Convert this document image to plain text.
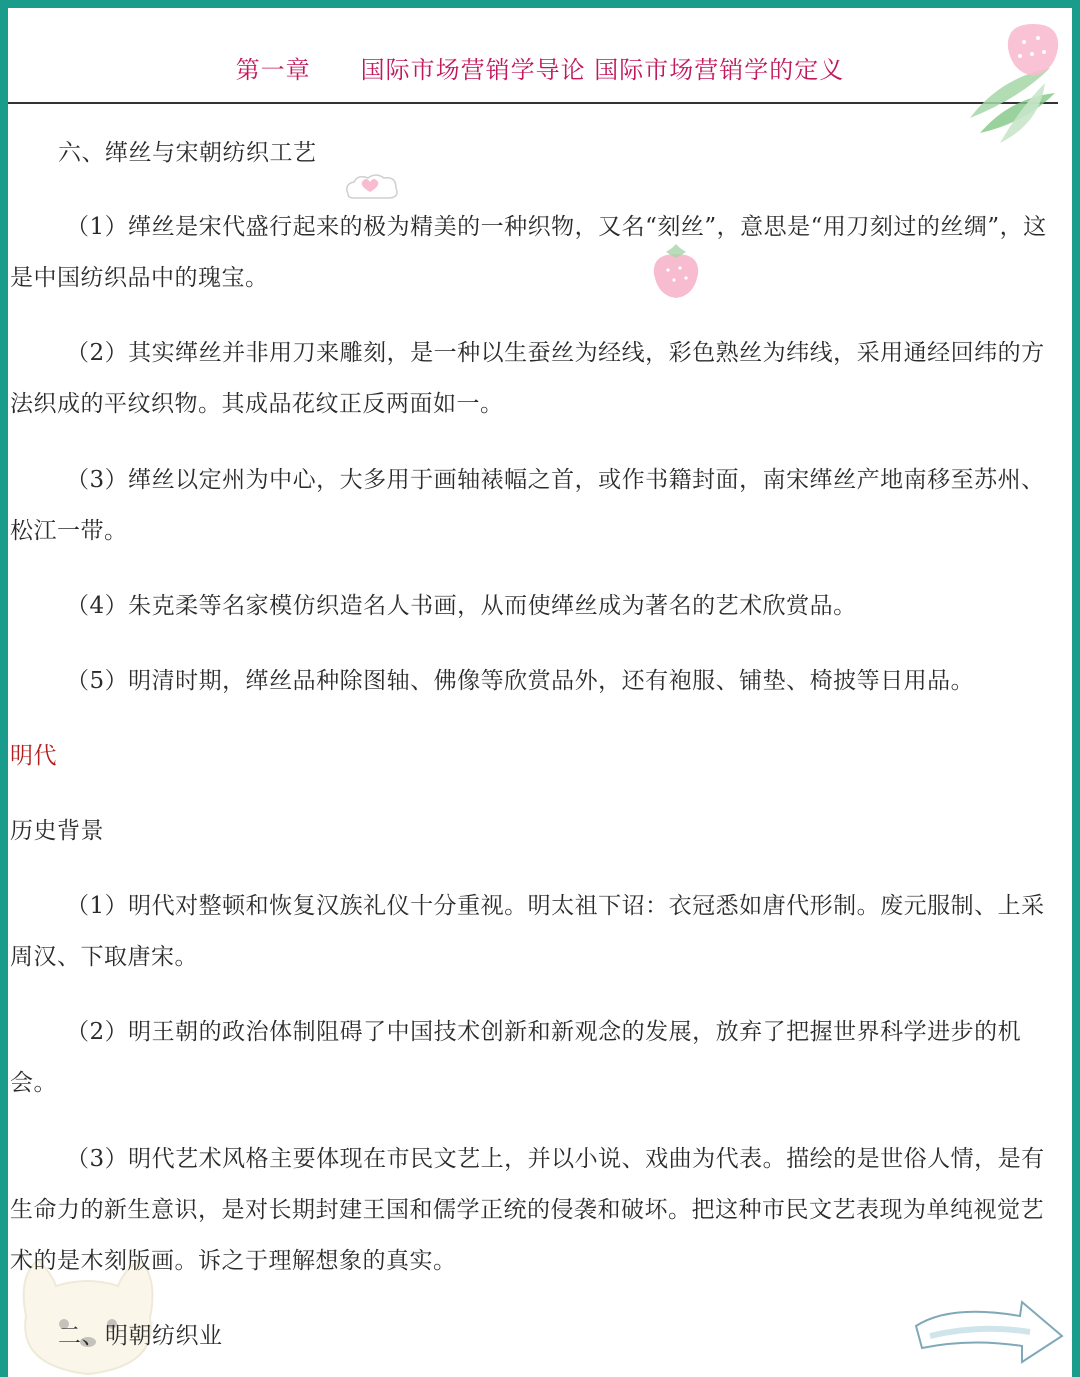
第一章　　国际市场营销学导论 国际市场营销学的定义
六、缂丝与宋朝纺织工艺

（1）缂丝是宋代盛行起来的极为精美的一种织物，又名“刻丝”，意思是“用刀刻过的丝绸”，这是中国纺织品中的瑰宝。

（2）其实缂丝并非用刀来雕刻，是一种以生蚕丝为经线，彩色熟丝为纬线，采用通经回纬的方法织成的平纹织物。其成品花纹正反两面如一。

（3）缂丝以定州为中心，大多用于画轴裱幅之首，或作书籍封面，南宋缂丝产地南移至苏州、松江一带。

（4）朱克柔等名家模仿织造名人书画，从而使缂丝成为著名的艺术欣赏品。

（5）明清时期，缂丝品种除图轴、佛像等欣赏品外，还有袍服、铺垫、椅披等日用品。

明代
历史背景

（1）明代对整顿和恢复汉族礼仪十分重视。明太祖下诏：衣冠悉如唐代形制。废元服制、上采周汉、下取唐宋。

（2）明王朝的政治体制阻碍了中国技术创新和新观念的发展，放弃了把握世界科学进步的机会。

（3）明代艺术风格主要体现在市民文艺上，并以小说、戏曲为代表。描绘的是世俗人情，是有生命力的新生意识，是对长期封建王国和儒学正统的侵袭和破坏。把这种市民文艺表现为单纯视觉艺术的是木刻版画。诉之于理解想象的真实。

二、明朝纺织业
